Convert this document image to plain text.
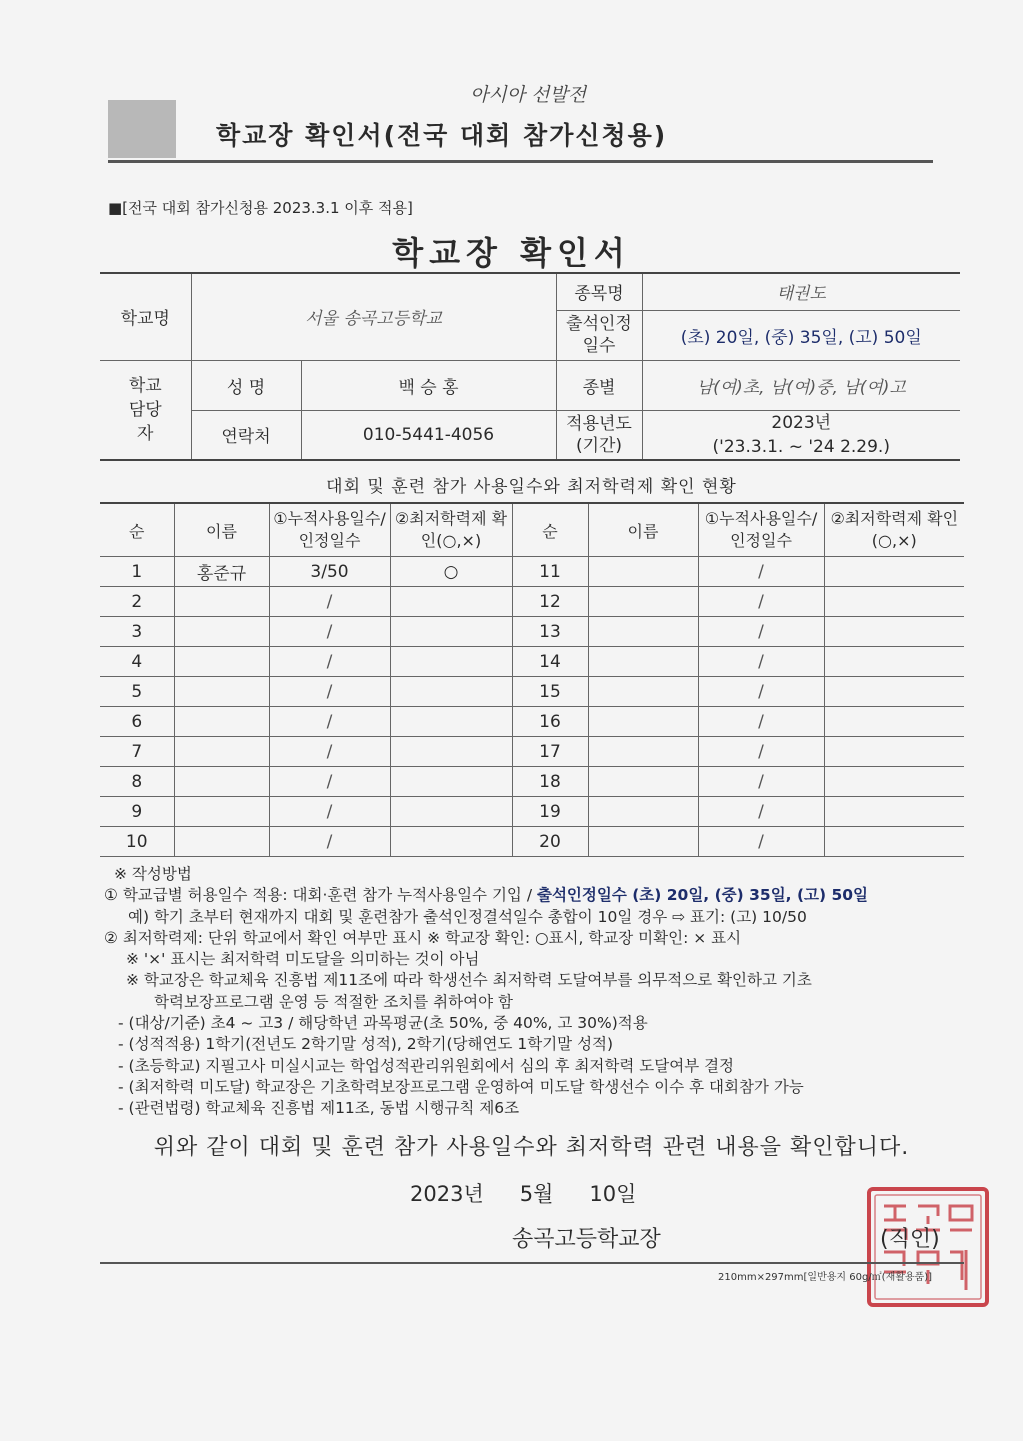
아시아 선발전
학교장 확인서(전국 대회 참가신청용)
■[전국 대회 참가신청용 2023.3.1 이후 적용]
학교장 확인서
학교명	서울 송곡고등학교		종목명	태권도
			출석인정일수	(초) 20일, (중) 35일, (고) 50일
학교담당자	성 명	백 승 홍	종별	남(여)초, 남(여)중, 남(여)고
	연락처	010-5441-4056	적용년도(기간)	2023년
('23.3.1. ~ '24 2.29.)
대회 및 훈련 참가 사용일수와 최저학력제 확인 현황
순	이름	①누적사용일수/인정일수	②최저학력제 확인(○,×)	순	이름	①누적사용일수/인정일수	②최저학력제 확인(○,×)
1	홍준규	3/50	○	11		/	
2		/		12		/	
3		/		13		/	
4		/		14		/	
5		/		15		/	
6		/		16		/	
7		/		17		/	
8		/		18		/	
9		/		19		/	
10		/		20		/	
※ 작성방법
① 학교급별 허용일수 적용: 대회·훈련 참가 누적사용일수 기입 / 출석인정일수 (초) 20일, (중) 35일, (고) 50일
예) 학기 초부터 현재까지 대회 및 훈련참가 출석인정결석일수 총합이 10일 경우 ⇨ 표기: (고) 10/50
② 최저학력제: 단위 학교에서 확인 여부만 표시 ※ 학교장 확인: ○표시, 학교장 미확인: × 표시
※ '×' 표시는 최저학력 미도달을 의미하는 것이 아님
※ 학교장은 학교체육 진흥법 제11조에 따라 학생선수 최저학력 도달여부를 의무적으로 확인하고 기초
학력보장프로그램 운영 등 적절한 조치를 취하여야 함
- (대상/기준) 초4 ~ 고3 / 해당학년 과목평균(초 50%, 중 40%, 고 30%)적용
- (성적적용) 1학기(전년도 2학기말 성적), 2학기(당해연도 1학기말 성적)
- (초등학교) 지필고사 미실시교는 학업성적관리위원회에서 심의 후 최저학력 도달여부 결정
- (최저학력 미도달) 학교장은 기초학력보장프로그램 운영하여 미도달 학생선수 이수 후 대회참가 가능
- (관련법령) 학교체육 진흥법 제11조, 동법 시행규칙 제6조
위와 같이 대회 및 훈련 참가 사용일수와 최저학력 관련 내용을 확인합니다.
2023년 5월 10일
송곡고등학교장	(직인)
210mm×297mm[일반용지 60g/㎡(재활용품)]
